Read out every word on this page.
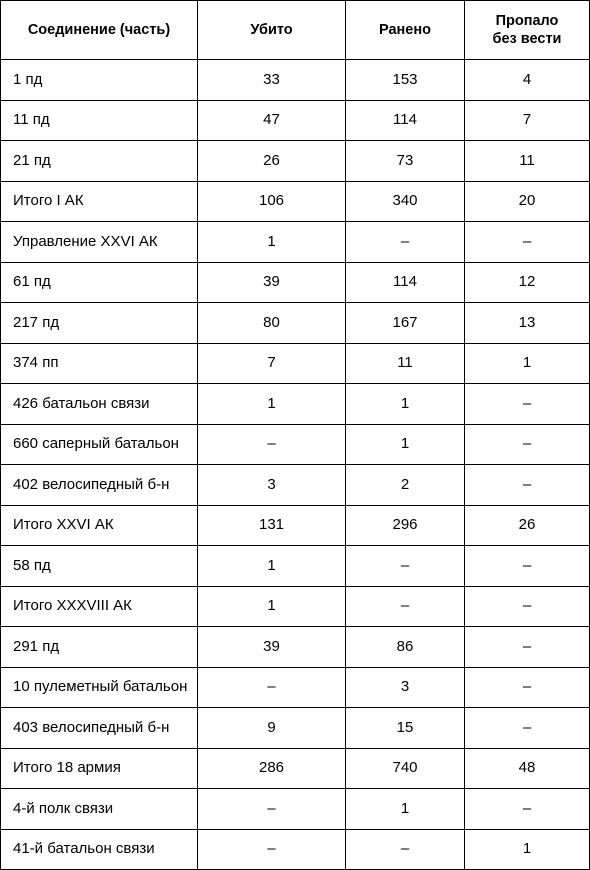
Соединение (часть)	Убито	Ранено	Пропало
без вести

1 пд	33	153	4
11 пд	47	114	7
21 пд	26	73	11
Итого I АК	106	340	20
Управление XXVI АК	1	–	–
61 пд	39	114	12
217 пд	80	167	13
374 пп	7	11	1
426 батальон связи	1	1	–
660 саперный батальон	–	1	–
402 велосипедный б-н	3	2	–
Итого XXVI АК	131	296	26
58 пд	1	–	–
Итого XXXVIII АК	1	–	–
291 пд	39	86	–
10 пулеметный батальон	–	3	–
403 велосипедный б-н	9	15	–
Итого 18 армия	286	740	48
4-й полк связи	–	1	–
41-й батальон связи	–	–	1
